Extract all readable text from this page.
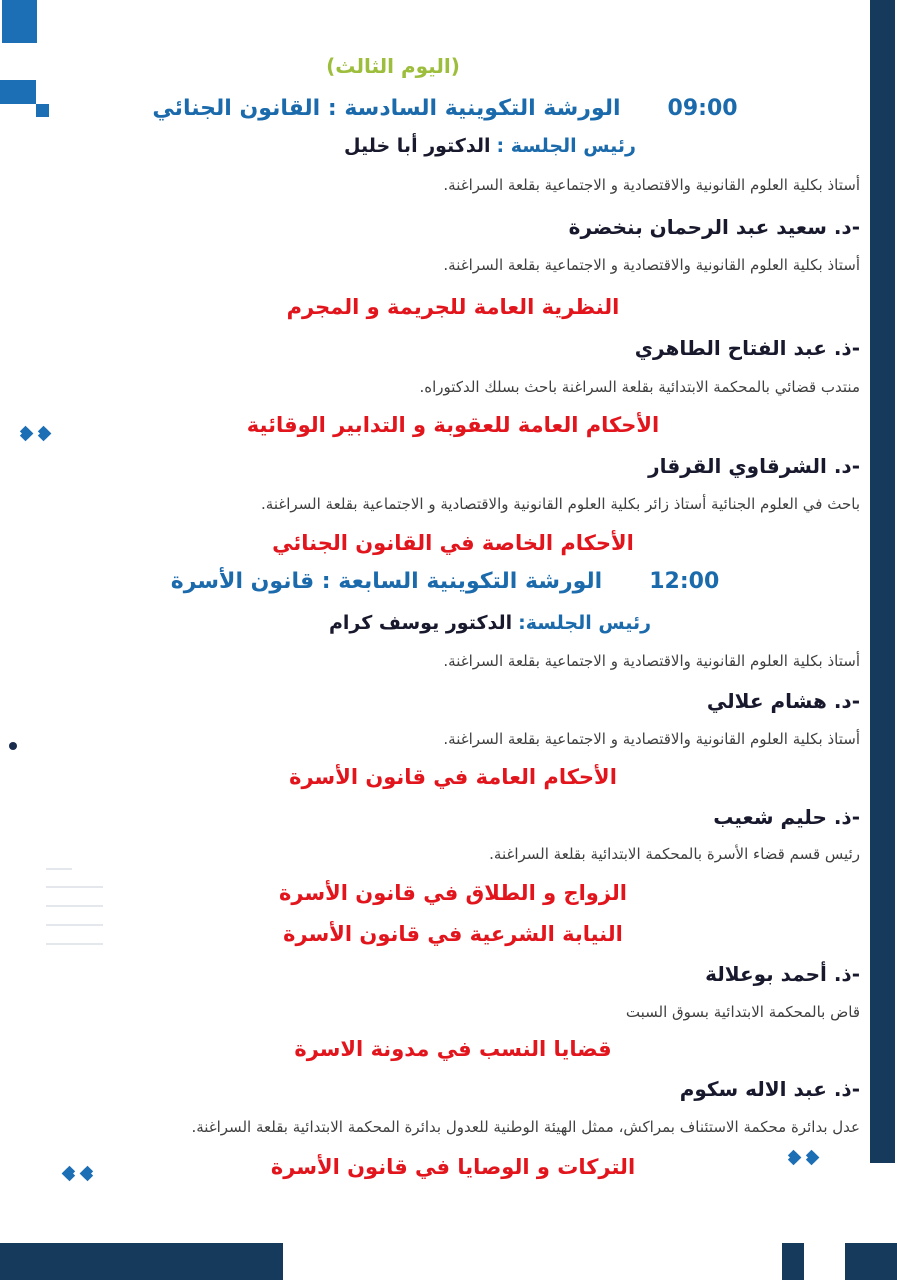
(اليوم الثالث)
09:00
الورشة التكوينية السادسة : القانون الجنائي
رئيس الجلسة : الدكتور أبا خليل
أستاذ بكلية العلوم القانونية والاقتصادية و الاجتماعية بقلعة السراغنة.
-د. سعيد عبد الرحمان بنخضرة
أستاذ بكلية العلوم القانونية والاقتصادية و الاجتماعية بقلعة السراغنة.
النظرية العامة للجريمة و المجرم
-ذ. عبد الفتاح الطاهري
منتدب قضائي بالمحكمة الابتدائية بقلعة السراغنة باحث بسلك الدكتوراه.
الأحكام العامة للعقوبة و التدابير الوقائية
-د. الشرقاوي القرقار
باحث في العلوم الجنائية أستاذ زائر بكلية العلوم القانونية والاقتصادية و الاجتماعية بقلعة السراغنة.
الأحكام الخاصة في القانون الجنائي
12:00
الورشة التكوينية السابعة : قانون الأسرة
رئيس الجلسة: الدكتور يوسف كرام
أستاذ بكلية العلوم القانونية والاقتصادية و الاجتماعية بقلعة السراغنة.
-د. هشام علالي
أستاذ بكلية العلوم القانونية والاقتصادية و الاجتماعية بقلعة السراغنة.
الأحكام العامة في قانون الأسرة
-ذ. حليم شعيب
رئيس قسم قضاء الأسرة بالمحكمة الابتدائية بقلعة السراغنة.
الزواج و الطلاق في قانون الأسرة
النيابة الشرعية في قانون الأسرة
-ذ. أحمد بوعلالة
قاض بالمحكمة الابتدائية بسوق السبت
قضايا النسب في مدونة الاسرة
-ذ. عبد الاله سكوم
عدل بدائرة محكمة الاستئناف بمراكش، ممثل الهيئة الوطنية للعدول بدائرة المحكمة الابتدائية بقلعة السراغنة.
التركات و الوصايا في قانون الأسرة
